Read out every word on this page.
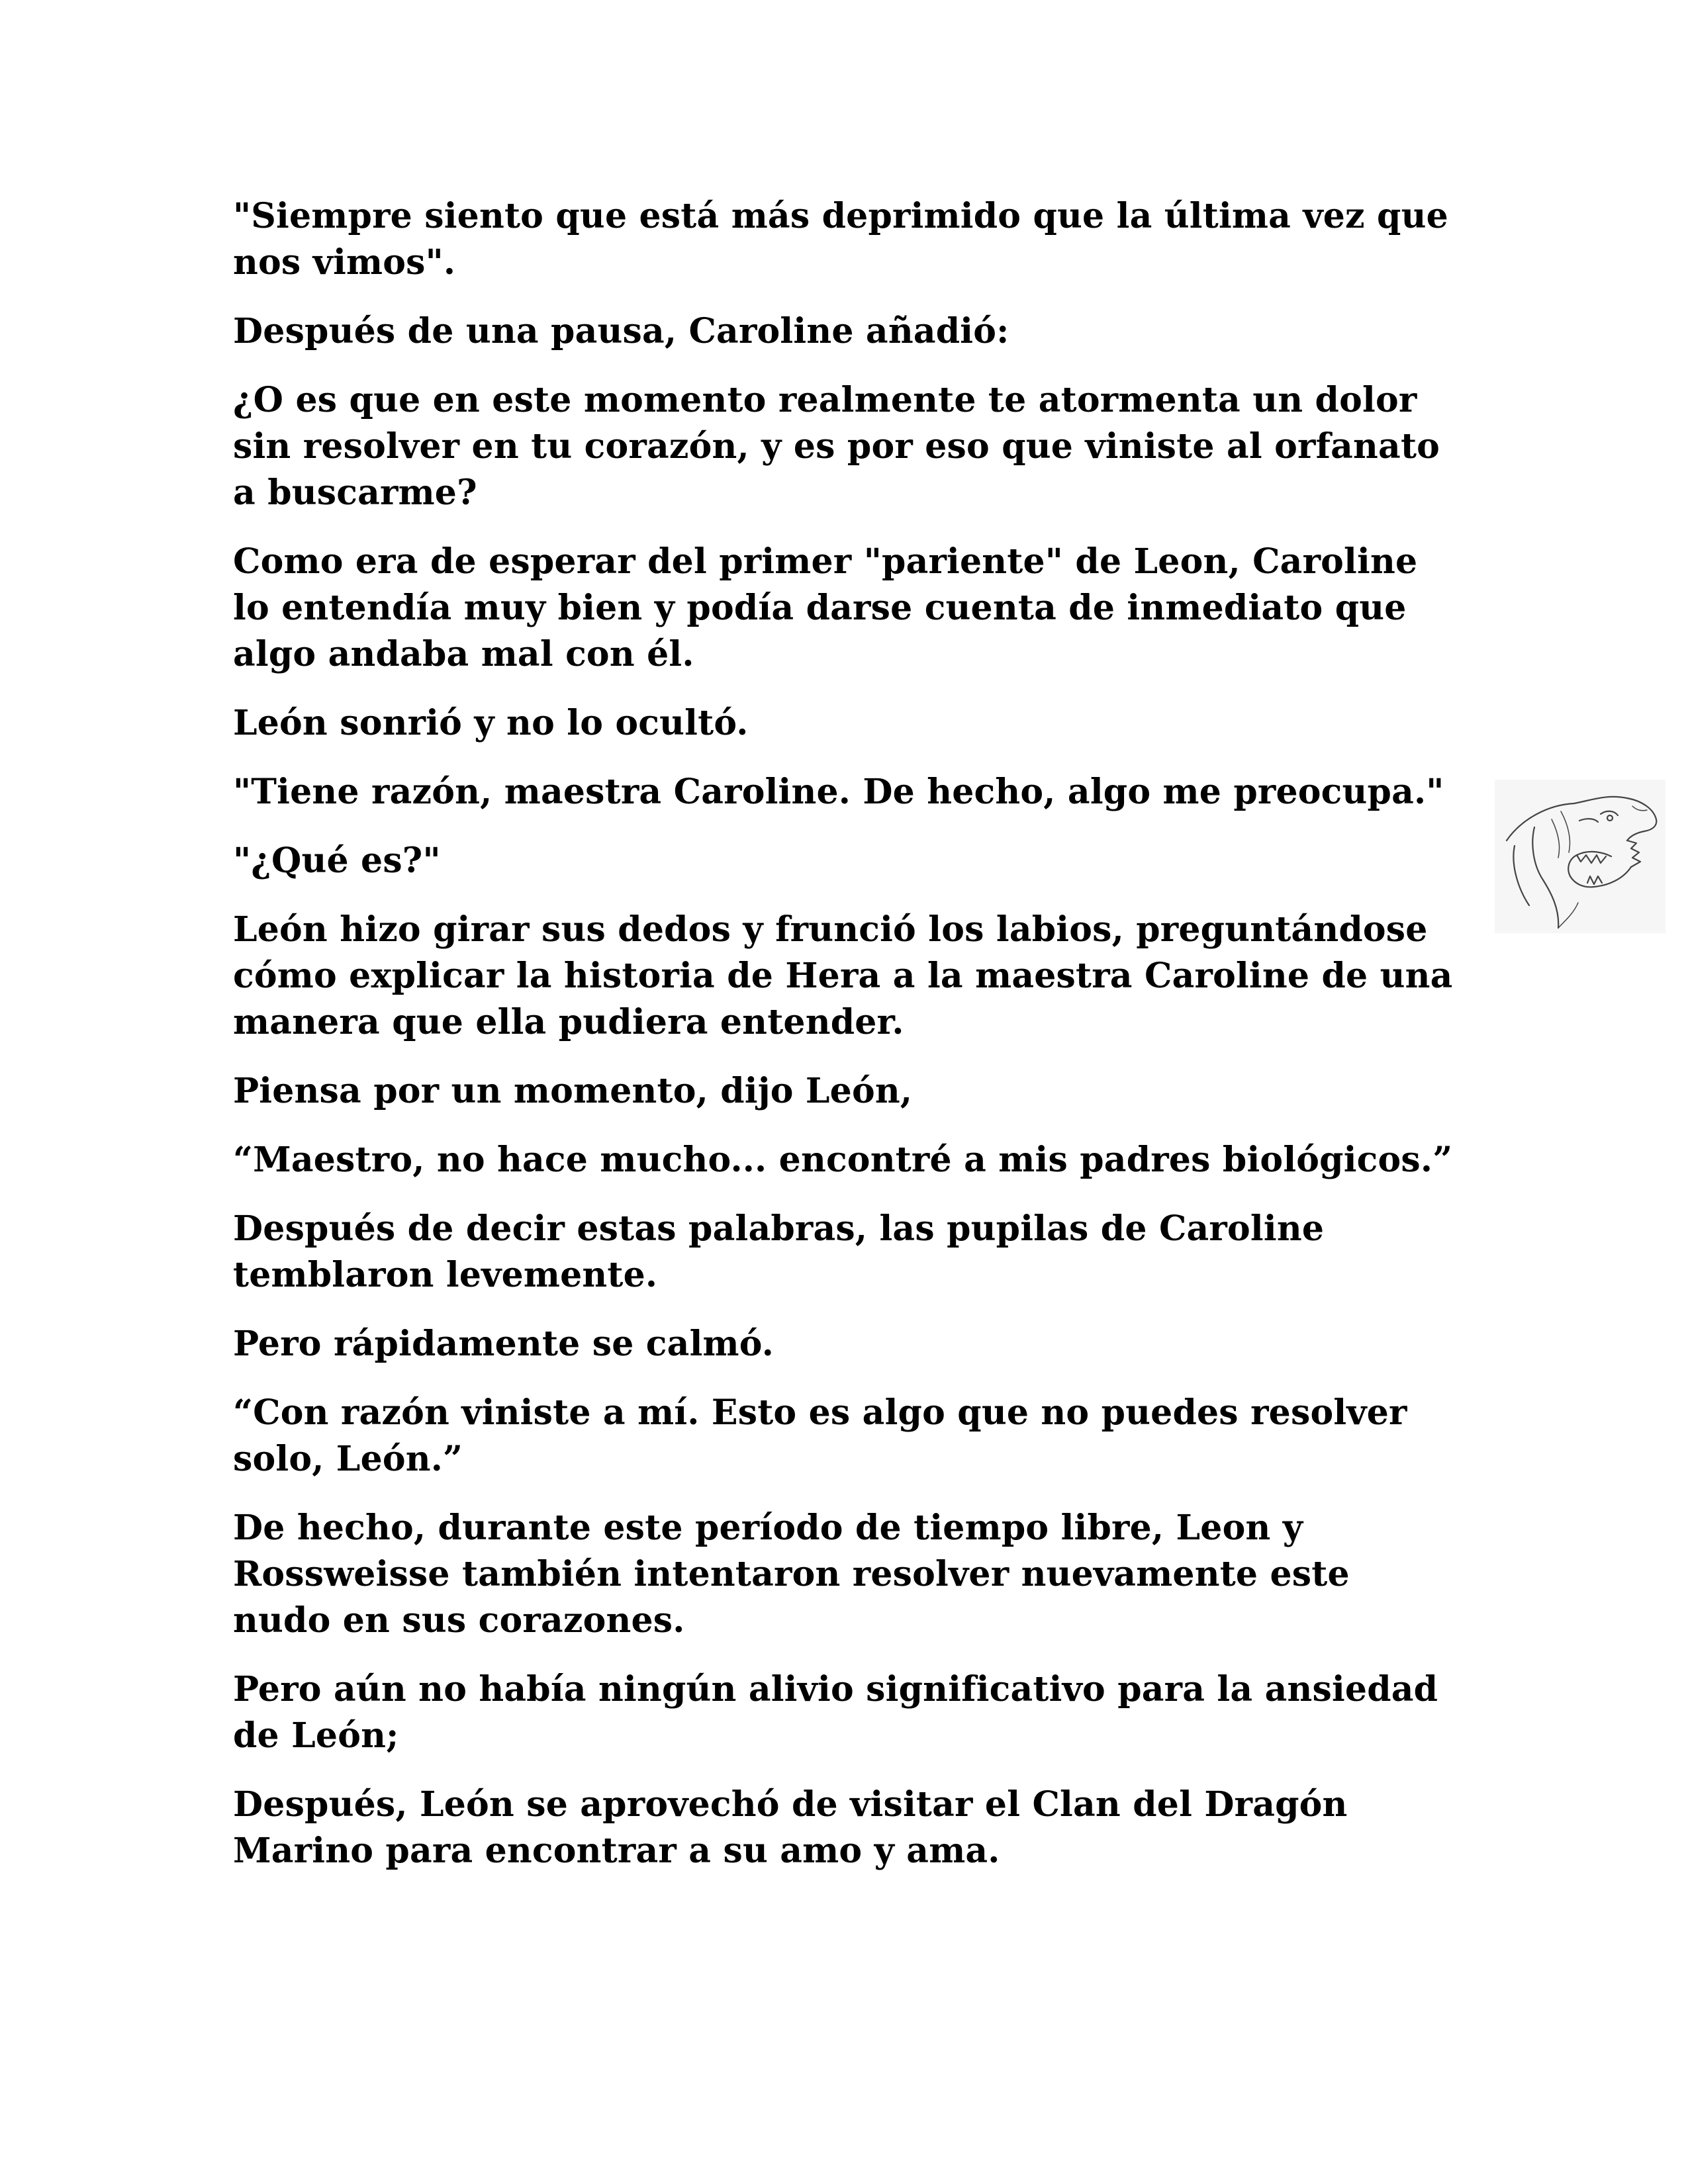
"Siempre siento que está más deprimido que la última vez que
nos vimos".

Después de una pausa, Caroline añadió:

¿O es que en este momento realmente te atormenta un dolor
sin resolver en tu corazón, y es por eso que viniste al orfanato
a buscarme?

Como era de esperar del primer "pariente" de Leon, Caroline
lo entendía muy bien y podía darse cuenta de inmediato que
algo andaba mal con él.

León sonrió y no lo ocultó.

"Tiene razón, maestra Caroline. De hecho, algo me preocupa."

"¿Qué es?"

León hizo girar sus dedos y frunció los labios, preguntándose
cómo explicar la historia de Hera a la maestra Caroline de una
manera que ella pudiera entender.

Piensa por un momento, dijo León,

“Maestro, no hace mucho... encontré a mis padres biológicos.”

Después de decir estas palabras, las pupilas de Caroline
temblaron levemente.

Pero rápidamente se calmó.

“Con razón viniste a mí. Esto es algo que no puedes resolver
solo, León.”

De hecho, durante este período de tiempo libre, Leon y
Rossweisse también intentaron resolver nuevamente este
nudo en sus corazones.

Pero aún no había ningún alivio significativo para la ansiedad
de León;

Después, León se aprovechó de visitar el Clan del Dragón
Marino para encontrar a su amo y ama.
